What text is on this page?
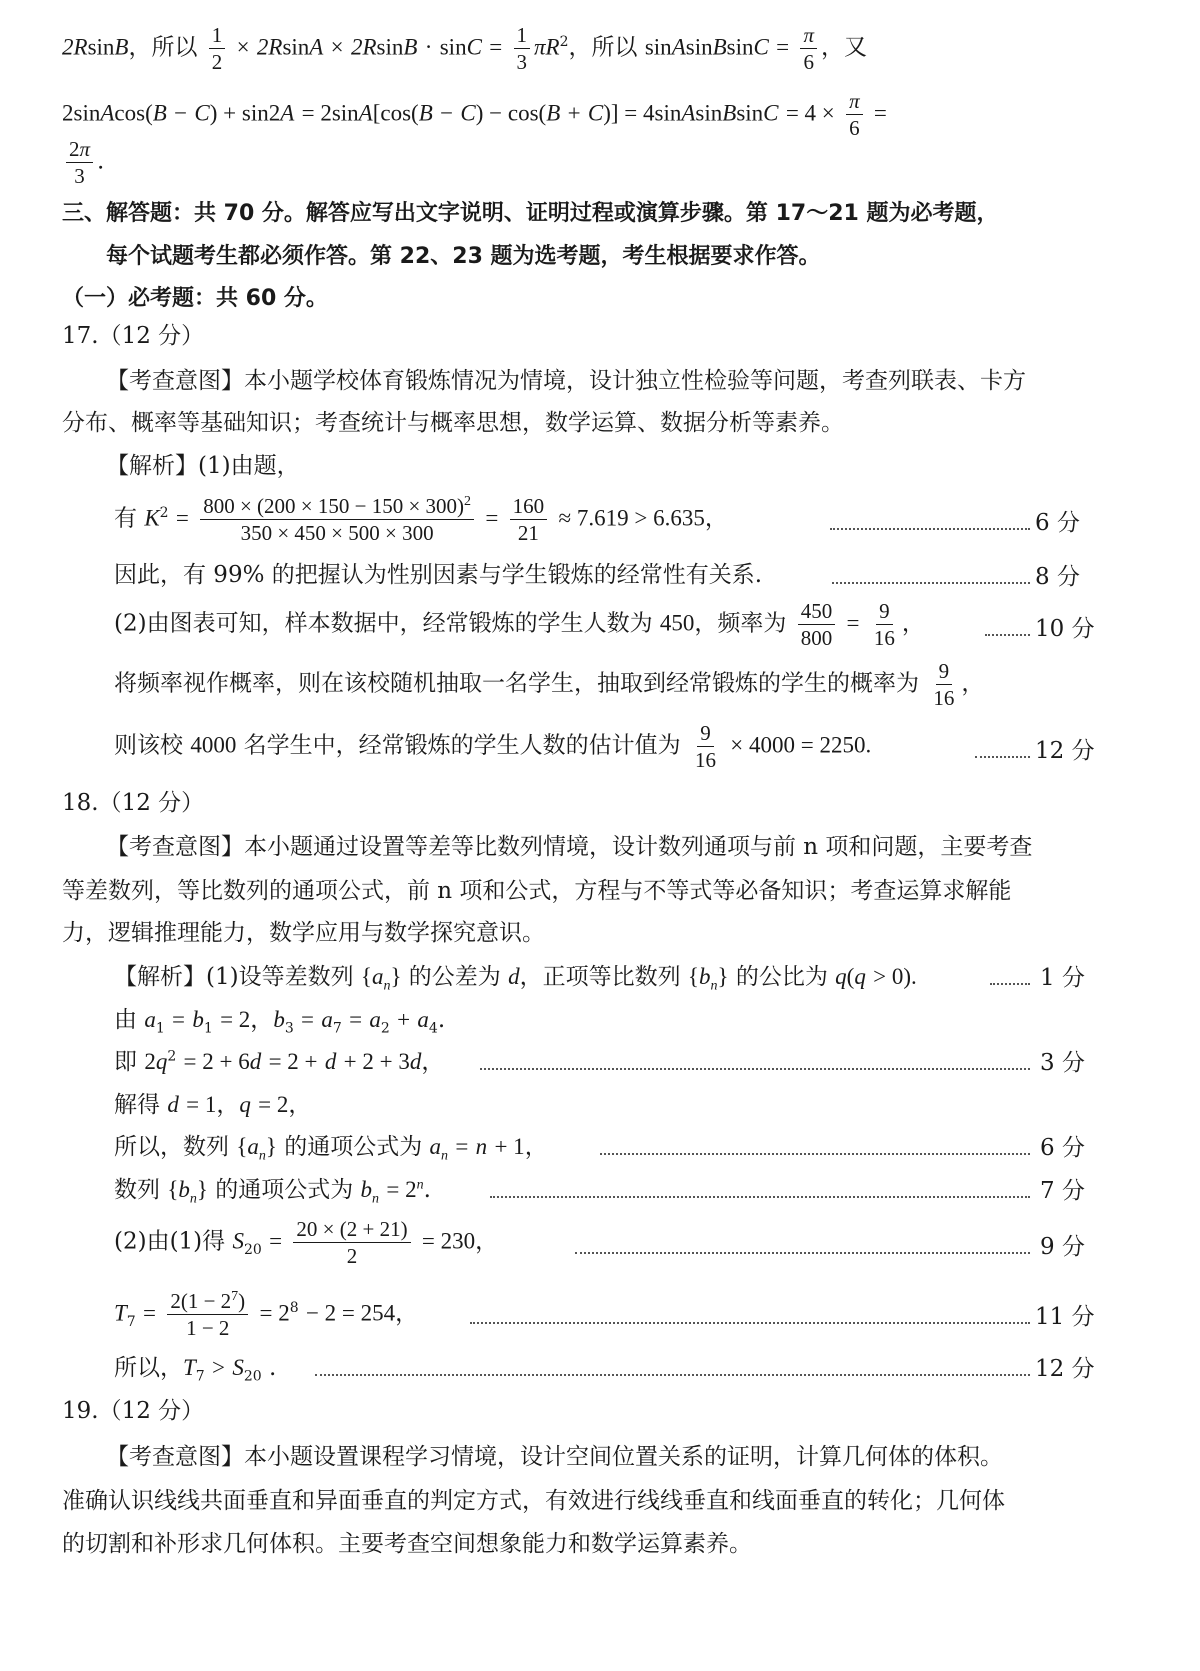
2RsinB，所以 $\frac{1}{2} \times 2RsinA \times 2RsinB \cdot \sin C = \frac{1}{3} \pi R^2$，所以 sinAsinBsinC = $\frac{\pi}{6}$ ，又
2sinAcos(B − C) + sin2A = 2sinA[cos(B − C) − cos(B + C)] = 4sinAsinBsinC = $4 \times \frac{\pi}{6}$ =
$\frac{2\pi}{3}$ .
三、解答题：共 70 分。解答应写出文字说明、证明过程或演算步骤。第 17～21 题为必考题，
每个试题考生都必须作答。第 22、23 题为选考题，考生根据要求作答。
（一）必考题：共 60 分。
17.（12 分）
【考查意图】本小题学校体育锻炼情况为情境，设计独立性检验等问题，考查列联表、卡方
分布、概率等基础知识；考查统计与概率思想，数学运算、数据分析等素养。
【解析】(1)由题，
有 $K^2 = \frac{800 \times (200 \times 150 - 150 \times 300)^2}{350 \times 450 \times 500 \times 300} = \frac{160}{21} \approx 7.619 > 6.635$，	6 分
因此，有 99% 的把握认为性别因素与学生锻炼的经常性有关系.	8 分
(2)由图表可知，样本数据中，经常锻炼的学生人数为 450，频率为 $\frac{450}{800} = \frac{9}{16}$ ，	10 分
将频率视作概率，则在该校随机抽取一名学生，抽取到经常锻炼的学生的概率为 $\frac{9}{16}$ ，
则该校 4000 名学生中，经常锻炼的学生人数的估计值为 $\frac{9}{16} \times 4000 = 2250$.	12 分
18.（12 分）
【考查意图】本小题通过设置等差等比数列情境，设计数列通项与前 n 项和问题，主要考查
等差数列，等比数列的通项公式，前 n 项和公式，方程与不等式等必备知识；考查运算求解能
力，逻辑推理能力，数学应用与数学探究意识。
【解析】(1)设等差数列 $\{a_n\}$ 的公差为 d，正项等比数列 $\{b_n\}$ 的公比为 q(q > 0).	1 分
由 $a_1 = b_1 = 2$，$b_3 = a_7 = a_2 + a_4$.
即 $2q^2 = 2 + 6d = 2 + d + 2 + 3d$，	3 分
解得 d = 1，q = 2，
所以，数列 $\{a_n\}$ 的通项公式为 $a_n = n + 1$，	6 分
数列 $\{b_n\}$ 的通项公式为 $b_n = 2^n$.	7 分
(2)由(1)得 $S_{20} = \frac{20 \times (2 + 21)}{2} = 230$，	9 分
$T_7 = \frac{2(1 - 2^7)}{1 - 2} = 2^8 - 2 = 254$，	11 分
所以，$T_7 > S_{20}$ .	12 分
19.（12 分）
【考查意图】本小题设置课程学习情境，设计空间位置关系的证明，计算几何体的体积。
准确认识线线共面垂直和异面垂直的判定方式，有效进行线线垂直和线面垂直的转化；几何体
的切割和补形求几何体积。主要考查空间想象能力和数学运算素养。
